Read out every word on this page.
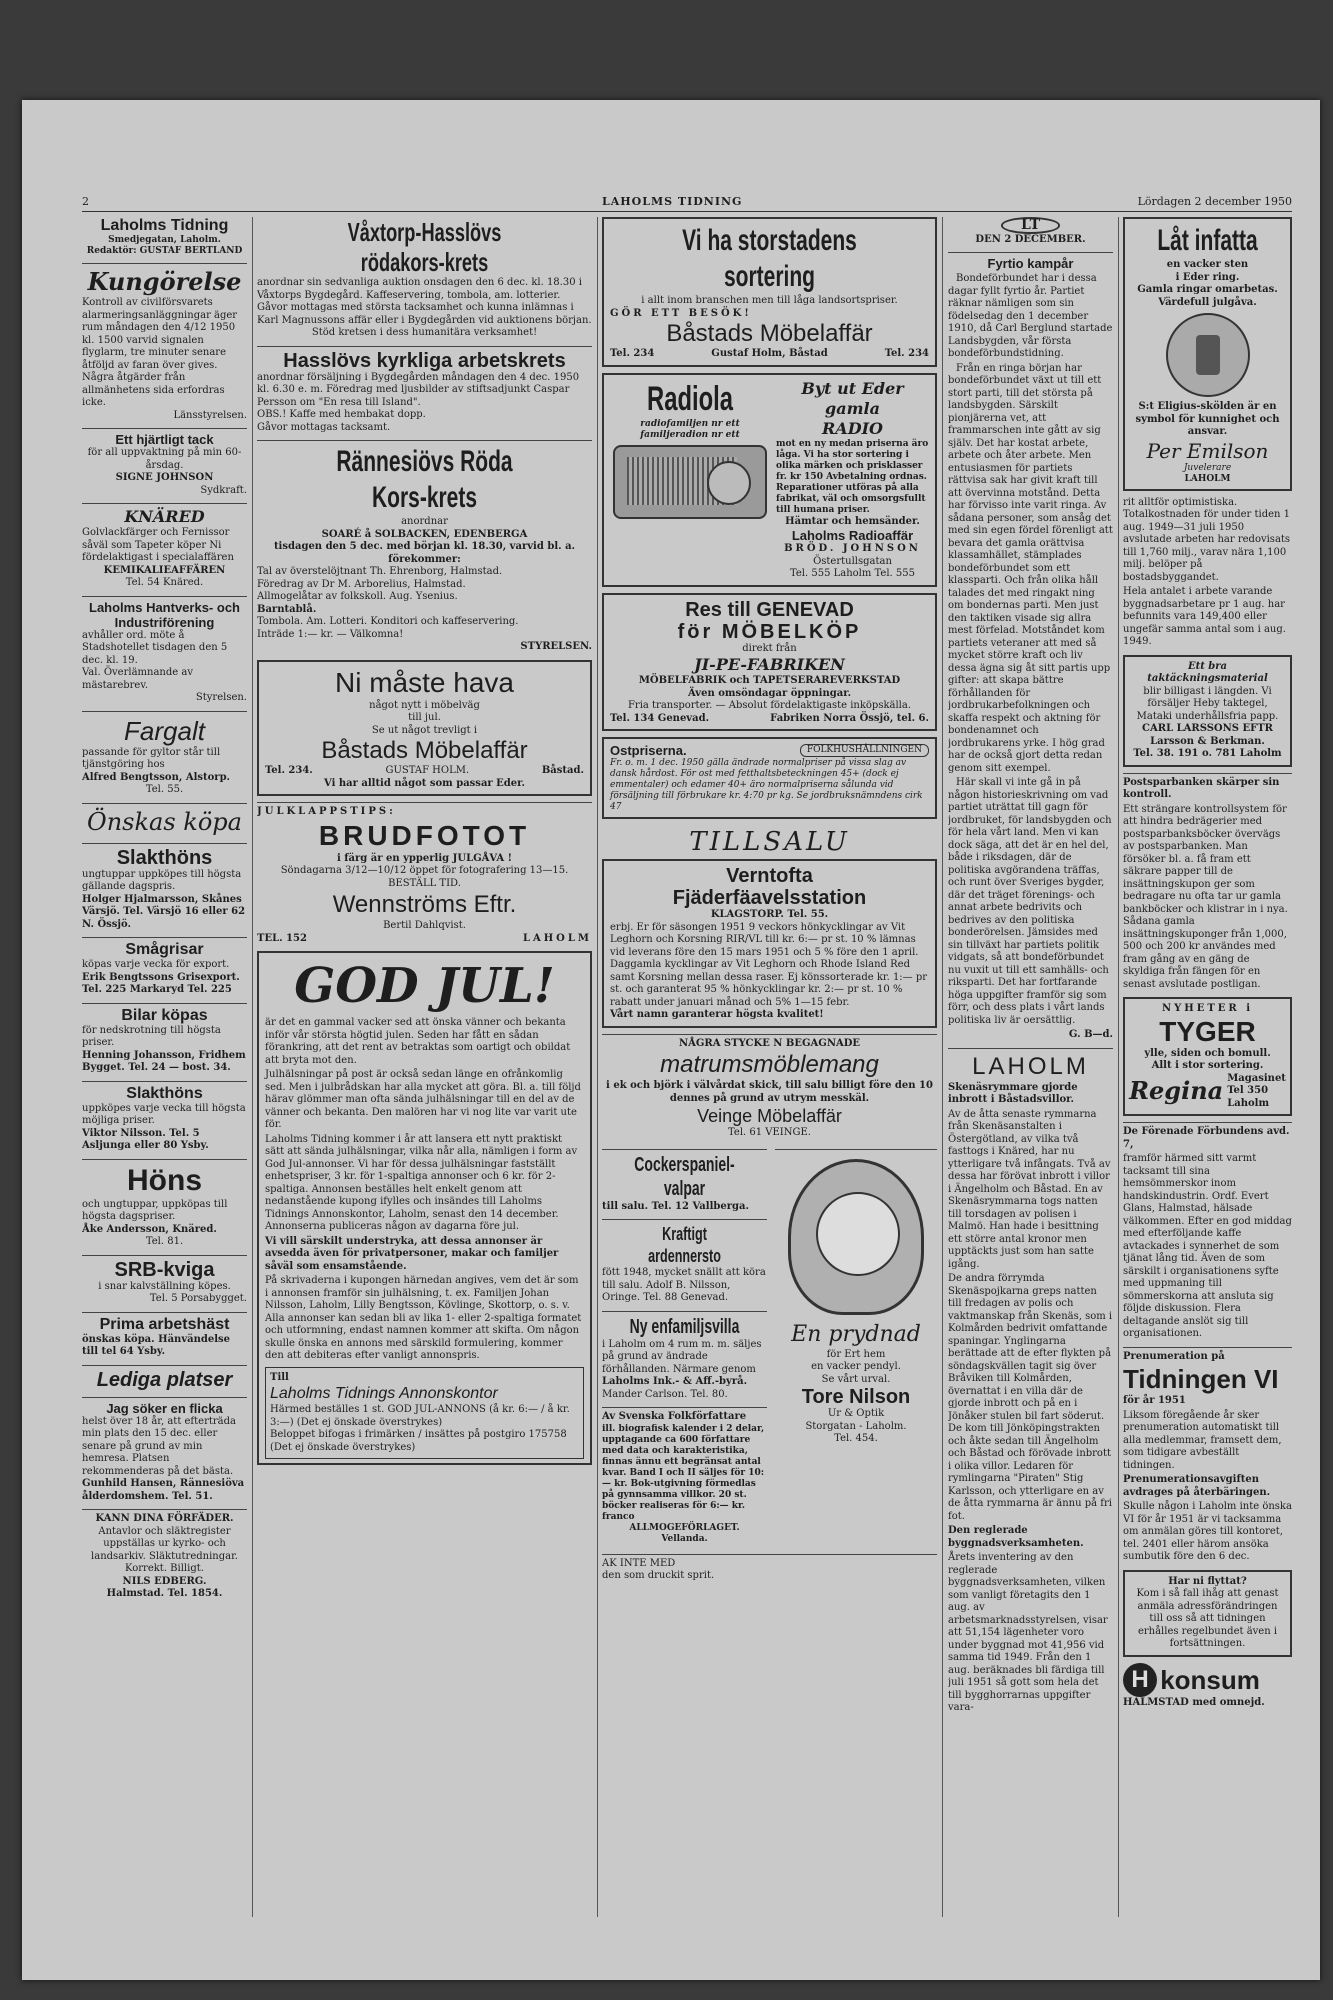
2	LAHOLMS TIDNING	Lördagen 2 december 1950
Laholms Tidning
Smedjegatan, Laholm.
Redaktör: GUSTAF BERTLAND
Kungörelse
Kontroll av civilförsvarets alarmeringsanläggningar äger rum måndagen den 4/12 1950 kl. 1500 varvid signalen flyglarm, tre minuter senare åtföljd av faran över gives. Några åtgärder från allmänhetens sida erfordras icke.
Länsstyrelsen.
Ett hjärtligt tack
för all uppvaktning på min 60-årsdag.
SIGNE JOHNSON
Sydkraft.
KNÄRED
Golvlackfärger och Fernissor såväl som Tapeter köper Ni fördelaktigast i specialaffären
KEMIKALIEAFFÄREN
Tel. 54 Knäred.
Laholms Hantverks- och Industriförening
avhåller ord. möte å Stadshotellet tisdagen den 5 dec. kl. 19.
Val. Överlämnande av mästarebrev.
Styrelsen.
Fargalt
passande för gyltor står till tjänstgöring hos
Alfred Bengtsson, Alstorp.
Tel. 55.
Önskas köpa
Slakthöns
ungtuppar uppköpes till högsta gällande dagspris.
Holger Hjalmarsson, Skånes Värsjö. Tel. Värsjö 16 eller 62 N. Össjö.
Smågrisar
köpas varje vecka för export.
Erik Bengtssons Grisexport. Tel. 225 Markaryd Tel. 225
Bilar köpas
för nedskrotning till högsta priser.
Henning Johansson, Fridhem Bygget. Tel. 24 — bost. 34.
Slakthöns
uppköpes varje vecka till högsta möjliga priser.
Viktor Nilsson. Tel. 5 Asljunga eller 80 Ysby.
Höns
och ungtuppar, uppköpas till högsta dagspriser.
Åke Andersson, Knäred.
Tel. 81.
SRB-kviga
i snar kalvställning köpes.
Tel. 5 Porsabygget.
Prima arbetshäst
önskas köpa. Hänvändelse till tel 64 Ysby.
Lediga platser
Jag söker en flicka
helst över 18 år, att efterträda min plats den 15 dec. eller senare på grund av min hemresa. Platsen rekommenderas på det bästa.
Gunhild Hansen, Rännesiöva ålderdomshem. Tel. 51.
KANN DINA FÖRFÄDER.
Antavlor och släktregister uppställas ur kyrko- och landsarkiv. Släktutredningar. Korrekt. Billigt.
NILS EDBERG.
Halmstad. Tel. 1854.
Våxtorp-Hasslövs rödakors-krets
anordnar sin sedvanliga auktion onsdagen den 6 dec. kl. 18.30 i Våxtorps Bygdegård. Kaffeservering, tombola, am. lotterier. Gåvor mottagas med största tacksamhet och kunna inlämnas i Karl Magnussons affär eller i Bygdegården vid auktionens början.
Stöd kretsen i dess humanitära verksamhet!
Hasslövs kyrkliga arbetskrets
anordnar försäljning i Bygdegården måndagen den 4 dec. 1950 kl. 6.30 e. m. Föredrag med ljusbilder av stiftsadjunkt Caspar Persson om "En resa till Island".
OBS.! Kaffe med hembakat dopp.
Gåvor mottagas tacksamt.
Rännesiövs Röda Kors-krets
anordnar
SOARÉ å SOLBACKEN, EDENBERGA
tisdagen den 5 dec. med början kl. 18.30, varvid bl. a. förekommer:
Tal av överstelöjtnant Th. Ehrenborg, Halmstad.
Föredrag av Dr M. Arborelius, Halmstad.
Allmogelåtar av folkskoll. Aug. Ysenius.
Barntablå.
Tombola. Am. Lotteri. Konditori och kaffeservering.
Inträde 1:— kr. — Välkomna!
STYRELSEN.
Ni måste hava
något nytt i möbelväg
till jul.
Se ut något trevligt i
Båstads Möbelaffär
Tel. 234.	GUSTAF HOLM.	Båstad.
Vi har alltid något som passar Eder.
JULKLAPPSTIPS:
BRUDFOTOT
i färg är en ypperlig JULGÅVA !
Söndagarna 3/12—10/12 öppet för fotografering 13—15. BESTÄLL TID.
Wennströms Eftr.
Bertil Dahlqvist.
TEL. 152	LAHOLM
GOD JUL!

är det en gammal vacker sed att önska vänner och bekanta inför vår största högtid julen. Seden har fått en sådan förankring, att det rent av betraktas som oartigt och obildat att bryta mot den.

Julhälsningar på post är också sedan länge en ofrånkomlig sed. Men i julbrådskan har alla mycket att göra. Bl. a. till följd härav glömmer man ofta sända julhälsningar till en del av de vänner och bekanta. Den malören har vi nog lite var varit ute för.

Laholms Tidning kommer i år att lansera ett nytt praktiskt sätt att sända julhälsningar, vilka når alla, nämligen i form av God Jul-annonser. Vi har för dessa julhälsningar fastställt enhetspriser, 3 kr. för 1-spaltiga annonser och 6 kr. för 2-spaltiga. Annonsen beställes helt enkelt genom att nedanstående kupong ifylles och insändes till Laholms Tidnings Annonskontor, Laholm, senast den 14 december. Annonserna publiceras någon av dagarna före jul.

Vi vill särskilt understryka, att dessa annonser är avsedda även för privatpersoner, makar och familjer såväl som ensamstående.

På skrivaderna i kupongen härnedan angives, vem det är som i annonsen framför sin julhälsning, t. ex. Familjen Johan Nilsson, Laholm, Lilly Bengtsson, Kövlinge, Skottorp, o. s. v. Alla annonser kan sedan bli av lika 1- eller 2-spaltiga formatet och utformning, endast namnen kommer att skifta. Om någon skulle önska en annons med särskild formulering, kommer den att debiteras efter vanligt annonspris.

Till
Laholms Tidnings Annonskontor
Härmed beställes 1 st. GOD JUL-ANNONS (å kr. 6:— / å kr. 3:—) (Det ej önskade överstrykes)
Beloppet bifogas i frimärken / insättes på postgiro 175758 (Det ej önskade överstrykes)
Vi ha storstadens sortering
i allt inom branschen men till låga landsortspriser.
GÖR ETT BESÖK!
Båstads Möbelaffär
Tel. 234	Gustaf Holm, Båstad	Tel. 234
Radiola
radiofamiljen nr ett familjeradion nr ett
Byt ut Eder gamla
RADIO
mot en ny medan priserna äro låga. Vi ha stor sortering i olika märken och prisklasser fr. kr 150 Avbetalning ordnas. Reparationer utföras på alla fabrikat, väl och omsorgsfullt till humana priser.
Hämtar och hemsänder.
Laholms Radioaffär
BRÖD. JOHNSON
Östertullsgatan
Tel. 555 Laholm Tel. 555
Res till GENEVAD
för MÖBELKÖP
direkt från
JI-PE-FABRIKEN
MÖBELFABRIK och TAPETSERAREVERKSTAD
Även omsöndagar öppningar.
Fria transporter. — Absolut fördelaktigaste inköpskälla.
Tel. 134 Genevad.	Fabriken Norra Össjö, tel. 6.
Ostpriserna.	FOLKHUSHÅLLNINGEN
Fr. o. m. 1 dec. 1950 gälla ändrade normalpriser på vissa slag av dansk hårdost. För ost med fetthaltsbeteckningen 45+ (dock ej emmentaler) och edamer 40+ äro normalpriserna sålunda vid försäljning till förbrukare kr. 4:70 pr kg. Se jordbruksnämndens cirk 47
TILLSALU
Verntofta
Fjäderfäavelsstation
KLAGSTORP. Tel. 55.
erbj. Er för säsongen 1951 9 veckors hönkycklingar av Vit Leghorn och Korsning RIR/VL till kr. 6:— pr st. 10 % lämnas vid leverans före den 15 mars 1951 och 5 % före den 1 april.
Daggamla kycklingar av Vit Leghorn och Rhode Island Red samt Korsning mellan dessa raser. Ej könssorterade kr. 1:— pr st. och garanterat 95 % hönkycklingar kr. 2:— pr st. 10 % rabatt under januari månad och 5% 1—15 febr.
Vårt namn garanterar högsta kvalitet!
NÅGRA STYCKE N BEGAGNADE
matrumsmöblemang
i ek och björk i välvårdat skick, till salu billigt före den 10 dennes på grund av utrym messkäl.
Veinge Möbelaffär
Tel. 61 VEINGE.
Cockerspaniel-valpar
till salu. Tel. 12 Vallberga.
Kraftigt ardennersto
fött 1948, mycket snällt att köra till salu. Adolf B. Nilsson, Oringe. Tel. 88 Genevad.
Ny enfamiljsvilla
i Laholm om 4 rum m. m. säljes på grund av ändrade förhållanden. Närmare genom
Laholms Ink.- & Aff.-byrå.
Mander Carlson. Tel. 80.
Av Svenska Folkförfattare
ill. biografisk kalender i 2 delar, upptagande ca 600 författare med data och karakteristika, finnas ännu ett begränsat antal kvar. Band I och II säljes för 10:— kr. Bok-utgivning förmedlas på gynnsamma villkor. 20 st. böcker realiseras för 6:— kr. franco
ALLMOGEFÖRLAGET.
Vellanda.
En prydnad
för Ert hem
en vacker pendyl.
Se vårt urval.
Tore Nilson
Ur & Optik
Storgatan - Laholm.
Tel. 454.
AK INTE MED
den som druckit sprit.
LT
DEN 2 DECEMBER.
Fyrtio kampår

Bondeförbundet har i dessa dagar fyllt fyrtio år. Partiet räknar nämligen som sin födelsedag den 1 december 1910, då Carl Berglund startade Landsbygden, vår första bondeförbundstidning.

Från en ringa början har bondeförbundet växt ut till ett stort parti, till det största på landsbygden. Särskilt pionjärerna vet, att frammarschen inte gått av sig själv. Det har kostat arbete, arbete och åter arbete. Men entusiasmen för partiets rättvisa sak har givit kraft till att övervinna motstånd. Detta har förvisso inte varit ringa. Av sådana personer, som ansåg det med sin egen fördel förenligt att bevara det gamla orättvisa klassamhället, stämplades bondeförbundet som ett klassparti. Och från olika håll talades det med ringakt ning om bondernas parti. Men just den taktiken visade sig allra mest förfelad. Motståndet kom partiets veteraner att med så mycket större kraft och liv dessa ägna sig åt sitt partis upp gifter: att skapa bättre förhållanden för jordbrukarbefolkningen och skaffa respekt och aktning för bondenamnet och jordbrukarens yrke. I hög grad har de också gjort detta redan genom sitt exempel.

Här skall vi inte gå in på någon historieskrivning om vad partiet uträttat till gagn för jordbruket, för landsbygden och för hela vårt land. Men vi kan dock säga, att det är en hel del, både i riksdagen, där de politiska avgörandena träffas, och runt över Sveriges bygder, där det träget förenings- och annat arbete bedrivits och bedrives av den politiska bonderörelsen. Jämsides med sin tillväxt har partiets politik vidgats, så att bondeförbundet nu vuxit ut till ett samhälls- och riksparti. Det har fortfarande höga uppgifter framför sig som förr, och dess plats i vårt lands politiska liv är oersättlig.

G. B—d.
LAHOLM
Skenäsrymmare gjorde inbrott i Båstadsvillor.

Av de åtta senaste rymmarna från Skenäsanstalten i Östergötland, av vilka två fasttogs i Knäred, har nu ytterligare två infångats. Två av dessa har förövat inbrott i villor i Ängelholm och Båstad. En av Skenäsrymmarna togs natten till torsdagen av polisen i Malmö. Han hade i besittning ett större antal kronor men upptäckts just som han satte igång.

De andra förrymda Skenäspojkarna greps natten till fredagen av polis och vaktmanskap från Skenäs, som i Kolmården bedrivit omfattande spaningar. Ynglingarna berättade att de efter flykten på söndagskvällen tagit sig över Bråviken till Kolmården, övernattat i en villa där de gjorde inbrott och på en i Jönåker stulen bil fart söderut. De kom till Jönköpingstrakten och åkte sedan till Ängelholm och Båstad och förövade inbrott i olika villor. Ledaren för rymlingarna "Piraten" Stig Karlsson, och ytterligare en av de åtta rymmarna är ännu på fri fot.

Den reglerade byggnadsverksamheten.

Årets inventering av den reglerade byggnadsverksamheten, vilken som vanligt företagits den 1 aug. av arbetsmarknadsstyrelsen, visar att 51,154 lägenheter voro under byggnad mot 41,956 vid samma tid 1949. Från den 1 aug. beräknades bli färdiga till juli 1951 så gott som hela det till bygghorrarnas uppgifter vara-

Låt infatta
en vacker sten
i Eder ring.
Gamla ringar omarbetas.
Värdefull julgåva.
S:t Eligius-skölden är en symbol för kunnighet och ansvar.
Per Emilson
Juvelerare
LAHOLM

rit alltför optimistiska. Totalkostnaden för under tiden 1 aug. 1949—31 juli 1950 avslutade arbeten har redovisats till 1,760 milj., varav nära 1,100 milj. belöper på bostadsbyggandet.

Hela antalet i arbete varande byggnadsarbetare pr 1 aug. har befunnits vara 149,400 eller ungefär samma antal som i aug. 1949.

Ett bra taktäckningsmaterial
blir billigast i längden. Vi försäljer Heby taktegel, Mataki underhållsfria papp.
CARL LARSSONS EFTR
Larsson & Berkman.
Tel. 38. 191 o. 781 Laholm
Postsparbanken skärper sin kontroll.

Ett strängare kontrollsystem för att hindra bedrägerier med postsparbanksböcker övervägs av postsparbanken. Man försöker bl. a. få fram ett säkrare papper till de insättningskupon ger som bedragare nu ofta tar ur gamla bankböcker och klistrar in i nya. Sådana gamla insättningskuponger från 1,000, 500 och 200 kr användes med fram gång av en gäng de skyldiga från fängen för en senast avslutade postligan.

NYHETER i
TYGER
ylle, siden och bomull.
Allt i stor sortering.
Regina Magasinet
Tel 350 Laholm
De Förenade Förbundens avd. 7,

framför härmed sitt varmt tacksamt till sina hemsömmerskor inom handskindustrin. Ordf. Evert Glans, Halmstad, hälsade välkommen. Efter en god middag med efterföljande kaffe avtackades i synnerhet de som tjänat lång tid. Även de som särskilt i organisationens syfte med uppmaning till sömmerskorna att ansluta sig följde diskussion. Flera deltagande anslöt sig till organisationen.

Prenumeration på
Tidningen VI
för år 1951

Liksom föregående år sker prenumeration automatiskt till alla medlemmar, framsett dem, som tidigare avbeställt tidningen.

Prenumerationsavgiften avdrages på återbäringen.

Skulle någon i Laholm inte önska VI för år 1951 är vi tacksamma om anmälan göres till kontoret, tel. 2401 eller härom ansöka sumbutik före den 6 dec.

Har ni flyttat?
Kom i så fall ihåg att genast anmäla adressförändringen till oss så att tidningen erhålles regelbundet även i fortsättningen.
H konsum
HALMSTAD med omnejd.
